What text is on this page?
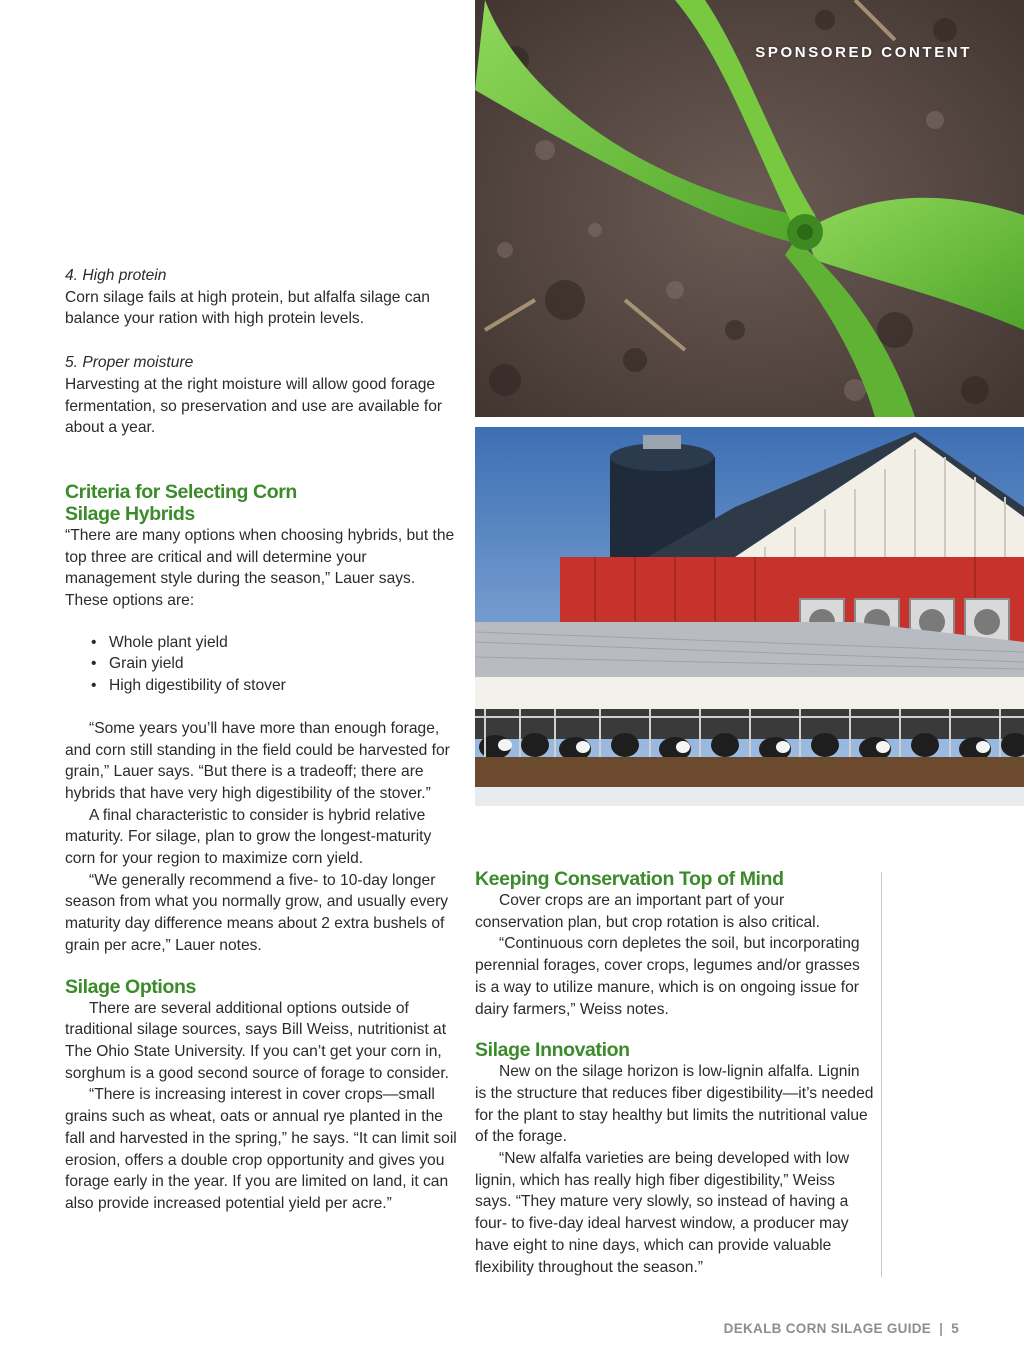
SPONSORED CONTENT

4. High protein

Corn silage fails at high protein, but alfalfa silage can balance your ration with high protein levels.

5. Proper moisture

Harvesting at the right moisture will allow good forage fermentation, so preservation and use are available for about a year.

Criteria for Selecting Corn
Silage Hybrids

“There are many options when choosing hybrids, but the top three are critical and will determine your management style during the season,” Lauer says. These options are:

• Whole plant yield
• Grain yield
• High digestibility of stover

“Some years you’ll have more than enough forage, and corn still standing in the field could be harvested for grain,” Lauer says. “But there is a tradeoff; there are hybrids that have very high digestibility of the stover.”

A final characteristic to consider is hybrid relative maturity. For silage, plan to grow the longest-maturity corn for your region to maximize corn yield.

“We generally recommend a five- to 10-day longer season from what you normally grow, and usually every maturity day difference means about 2 extra bushels of grain per acre,” Lauer notes.

Silage Options

There are several additional options outside of traditional silage sources, says Bill Weiss, nutritionist at The Ohio State University. If you can’t get your corn in, sorghum is a good second source of forage to consider.

“There is increasing interest in cover crops—small grains such as wheat, oats or annual rye planted in the fall and harvested in the spring,” he says. “It can limit soil erosion, offers a double crop opportunity and gives you forage early in the year. If you are limited on land, it can also provide increased potential yield per acre.”

Keeping Conservation Top of Mind

Cover crops are an important part of your conservation plan, but crop rotation is also critical.

“Continuous corn depletes the soil, but incorporating perennial forages, cover crops, legumes and/or grasses is a way to utilize manure, which is on ongoing issue for dairy farmers,” Weiss notes.

Silage Innovation

New on the silage horizon is low-lignin alfalfa. Lignin is the structure that reduces fiber digestibility—it’s needed for the plant to stay healthy but limits the nutritional value of the forage.

“New alfalfa varieties are being developed with low lignin, which has really high fiber digestibility,” Weiss says. “They mature very slowly, so instead of having a four- to five-day ideal harvest window, a producer may have eight to nine days, which can provide valuable flexibility throughout the season.”

DEKALB CORN SILAGE GUIDE | 5
